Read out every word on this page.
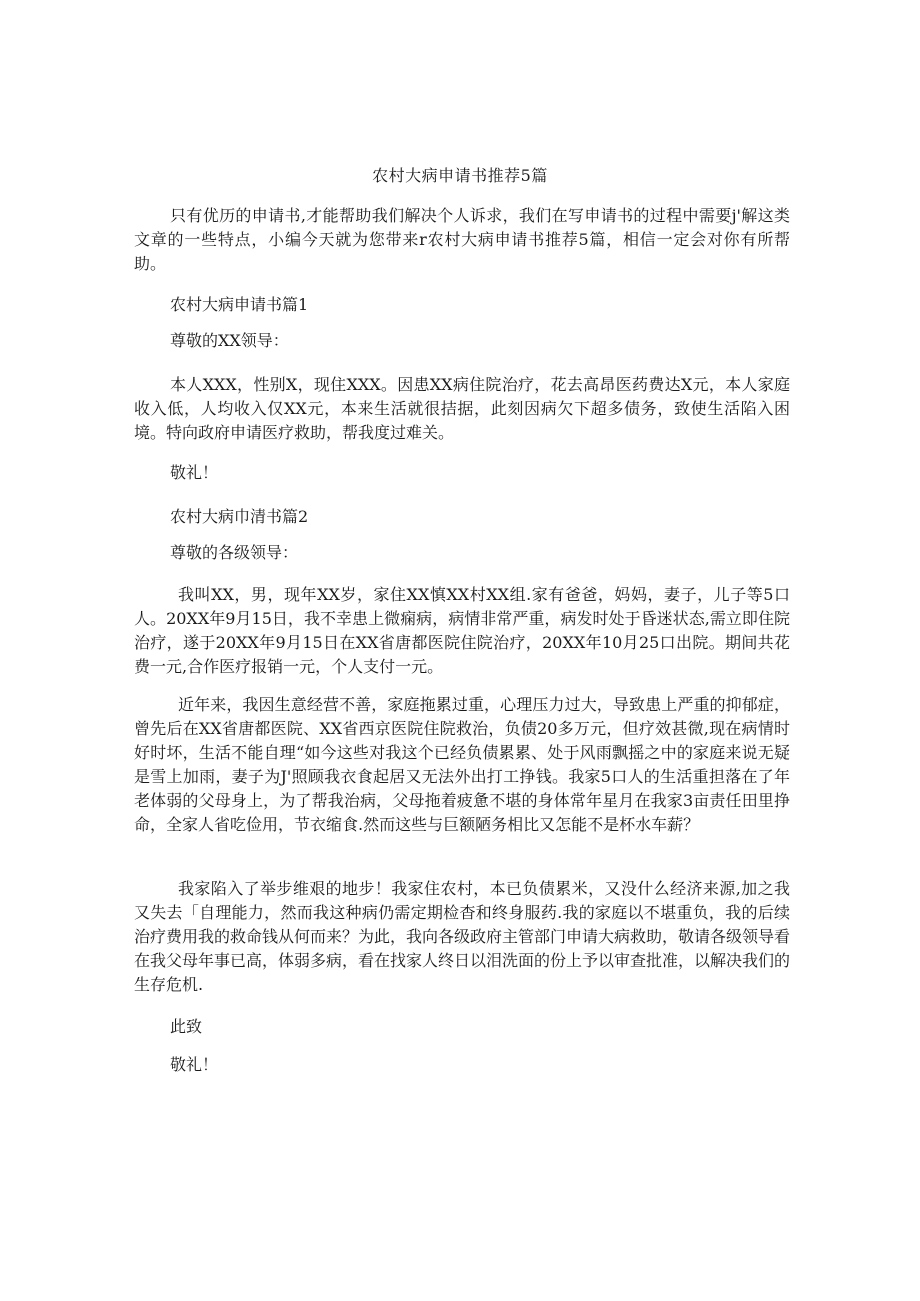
农村大病申请书推荐5篇

只有优历的申请书,才能帮助我们解决个人诉求，我们在写申请书的过程中需要j'解这类文章的一些特点，小编今天就为您带来r农村大病申请书推荐5篇，相信一定会对你有所帮助。

农村大病申请书篇1

尊敬的XX领导：

本人XXX，性别X，现住XXX。因患XX病住院治疗，花去高昂医药费达X元，本人家庭收入低，人均收入仅XX元，本来生活就很拮据，此刻因病欠下超多债务，致使生活陷入困境。特向政府申请医疗救助，帮我度过难关。

敬礼！

农村大病巾清书篇2

尊敬的各级领导：

我叫XX，男，现年XX岁，家住XX慎XX村XX组.家有爸爸，妈妈，妻子，儿子等5口人。20XX年9月15日，我不幸患上微痫病，病情非常严重，病发时处于昏迷状态,需立即住院治疗，遂于20XX年9月15日在XX省唐都医院住院治疗，20XX年10月25口出院。期间共花费一元,合作医疗报销一元，个人支付一元。

近年来，我因生意经营不善，家庭拖累过重，心理压力过大，导致患上严重的抑郁症，曾先后在XX省唐都医院、XX省西京医院住院救治，负债20多万元，但疗效甚微,现在病情时好时坏，生活不能自理“如今这些对我这个已经负债累累、处于风雨飘摇之中的家庭来说无疑是雪上加雨，妻子为J'照顾我衣食起居又无法外出打工挣钱。我家5口人的生活重担落在了年老体弱的父母身上，为了帮我治病，父母拖着疲惫不堪的身体常年星月在我家3亩责任田里挣命，全家人省吃俭用，节衣缩食.然而这些与巨额陋务相比又怎能不是杯水车薪？

我家陷入了举步维艰的地步！我家住农村，本已负债累米，又没什么经济来源,加之我又失去「自理能力，然而我这种病仍需定期检杳和终身服药.我的家庭以不堪重负，我的后续治疗费用我的救命钱从何而来？为此，我向各级政府主管部门申请大病救助，敬请各级领导看在我父母年事已高，体弱多病，看在找家人终日以泪洗面的份上予以审查批准，以解决我们的生存危机.

此致

敬礼！
